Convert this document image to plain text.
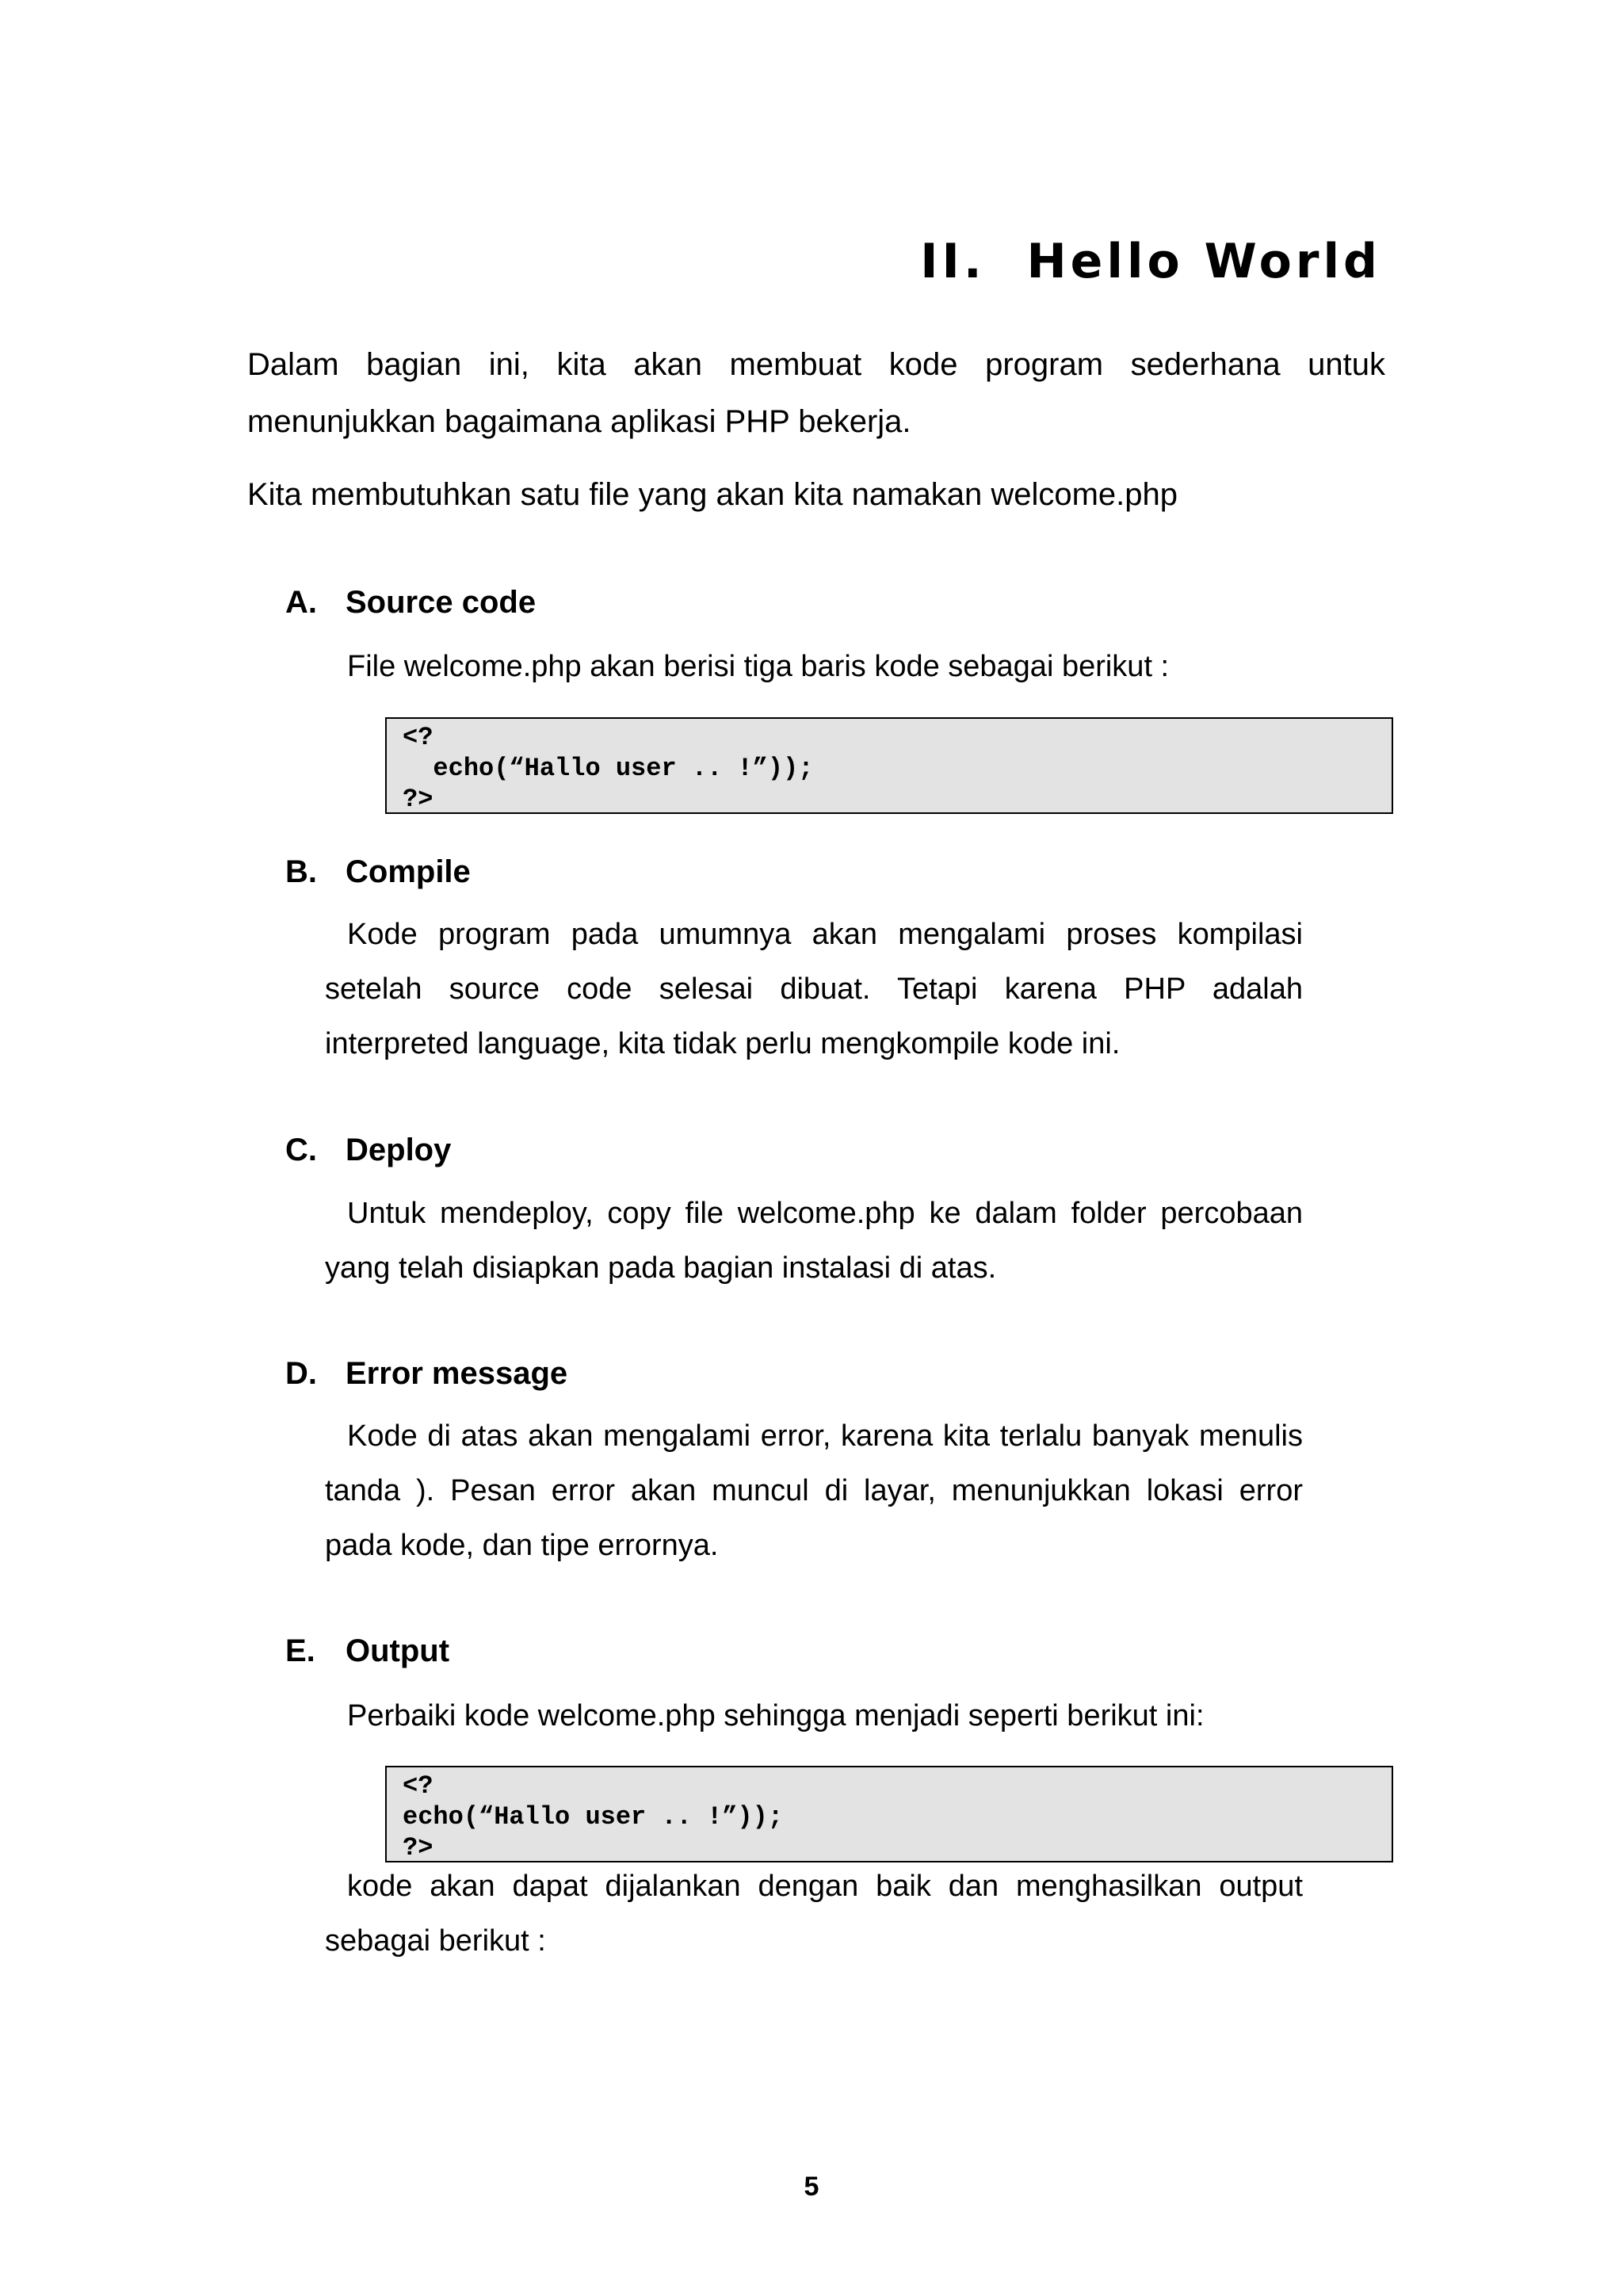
II. Hello World

Dalam bagian ini, kita akan membuat kode program sederhana untuk menunjukkan bagaimana aplikasi PHP bekerja.

Kita membutuhkan satu file yang akan kita namakan welcome.php

A. Source code
File welcome.php akan berisi tiga baris kode sebagai berikut :
<?
echo(“Hallo user .. !”));
?>
B. Compile
Kode program pada umumnya akan mengalami proses kompilasi
setelah source code selesai dibuat. Tetapi karena PHP adalah interpreted language, kita tidak perlu mengkompile kode ini.
C. Deploy
Untuk mendeploy, copy file welcome.php ke dalam folder percobaan
yang telah disiapkan pada bagian instalasi di atas.
D. Error message
Kode di atas akan mengalami error, karena kita terlalu banyak menulis
tanda ). Pesan error akan muncul di layar, menunjukkan lokasi error pada kode, dan tipe errornya.
E. Output
Perbaiki kode welcome.php sehingga menjadi seperti berikut ini:
<?
echo(“Hallo user .. !”));
?>
kode akan dapat dijalankan dengan baik dan menghasilkan output
sebagai berikut :
5
